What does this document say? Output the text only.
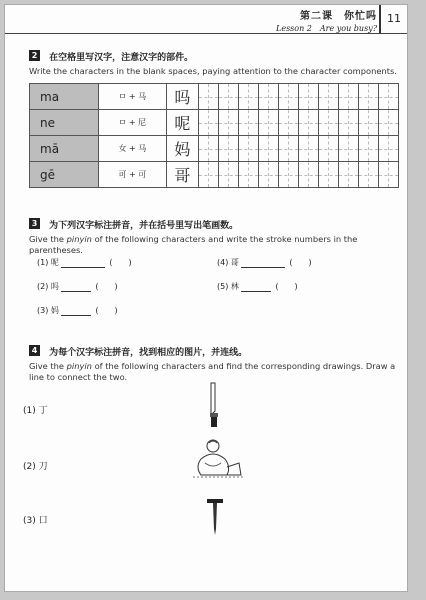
第二课　你忙吗
Lesson 2　Are you busy?
11
2 在空格里写汉字，注意汉字的部件。
Write the characters in the blank spaces, paying attention to the character components.
ma	ㅁ + 马	吗										
ne	ㅁ + 尼	呢										
mā	女 + 马	妈										
gē	可 + 可	哥										
3 为下列汉字标注拼音，并在括号里写出笔画数。
Give the pinyin of the following characters and write the stroke numbers in the parentheses.
(1) 呢	(　　)	(4) 哥	(　　)
(2) 吗	(　　)	(5) 林	(　　)
(3) 妈	(　　)
4 为每个汉字标注拼音，找到相应的图片，并连线。
Give the pinyin of the following characters and find the corresponding drawings. Draw a line to connect the two.
(1) 丁
(2) 刀
(3) 口
